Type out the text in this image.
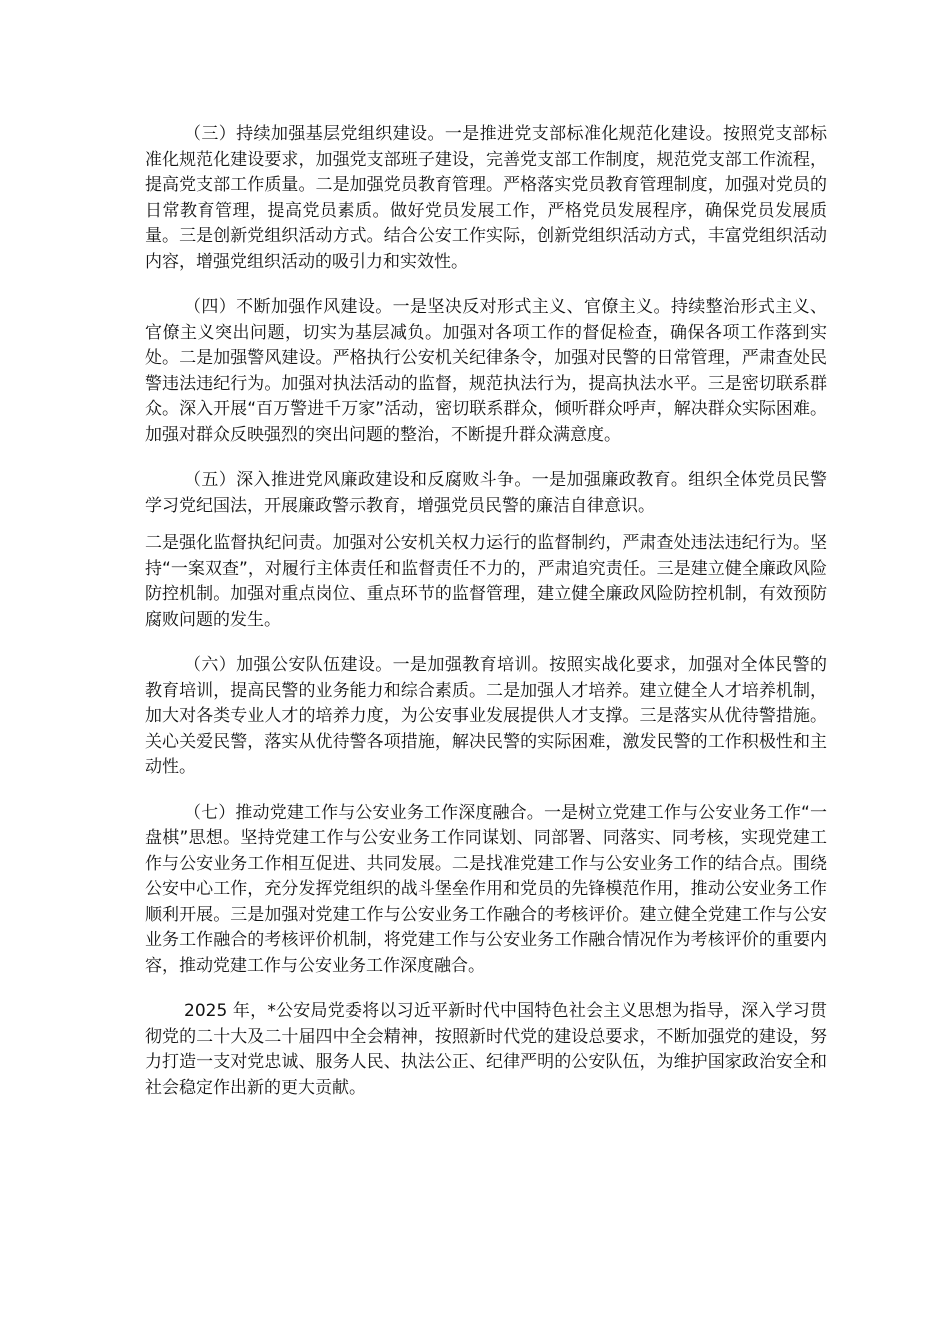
（三）持续加强基层党组织建设。一是推进党支部标准化规范化建设。按照党支部标准化规范化建设要求，加强党支部班子建设，完善党支部工作制度，规范党支部工作流程，提高党支部工作质量。二是加强党员教育管理。严格落实党员教育管理制度，加强对党员的日常教育管理，提高党员素质。做好党员发展工作，严格党员发展程序，确保党员发展质量。三是创新党组织活动方式。结合公安工作实际，创新党组织活动方式，丰富党组织活动内容，增强党组织活动的吸引力和实效性。

（四）不断加强作风建设。一是坚决反对形式主义、官僚主义。持续整治形式主义、官僚主义突出问题，切实为基层减负。加强对各项工作的督促检查，确保各项工作落到实处。二是加强警风建设。严格执行公安机关纪律条令，加强对民警的日常管理，严肃查处民警违法违纪行为。加强对执法活动的监督，规范执法行为，提高执法水平。三是密切联系群众。深入开展“百万警进千万家”活动，密切联系群众，倾听群众呼声，解决群众实际困难。加强对群众反映强烈的突出问题的整治，不断提升群众满意度。

（五）深入推进党风廉政建设和反腐败斗争。一是加强廉政教育。组织全体党员民警学习党纪国法，开展廉政警示教育，增强党员民警的廉洁自律意识。

二是强化监督执纪问责。加强对公安机关权力运行的监督制约，严肃查处违法违纪行为。坚持“一案双查”，对履行主体责任和监督责任不力的，严肃追究责任。三是建立健全廉政风险防控机制。加强对重点岗位、重点环节的监督管理，建立健全廉政风险防控机制，有效预防腐败问题的发生。

（六）加强公安队伍建设。一是加强教育培训。按照实战化要求，加强对全体民警的教育培训，提高民警的业务能力和综合素质。二是加强人才培养。建立健全人才培养机制，加大对各类专业人才的培养力度，为公安事业发展提供人才支撑。三是落实从优待警措施。关心关爱民警，落实从优待警各项措施，解决民警的实际困难，激发民警的工作积极性和主动性。

（七）推动党建工作与公安业务工作深度融合。一是树立党建工作与公安业务工作“一盘棋”思想。坚持党建工作与公安业务工作同谋划、同部署、同落实、同考核，实现党建工作与公安业务工作相互促进、共同发展。二是找准党建工作与公安业务工作的结合点。围绕公安中心工作，充分发挥党组织的战斗堡垒作用和党员的先锋模范作用，推动公安业务工作顺利开展。三是加强对党建工作与公安业务工作融合的考核评价。建立健全党建工作与公安业务工作融合的考核评价机制，将党建工作与公安业务工作融合情况作为考核评价的重要内容，推动党建工作与公安业务工作深度融合。

2025 年，*公安局党委将以习近平新时代中国特色社会主义思想为指导，深入学习贯彻党的二十大及二十届四中全会精神，按照新时代党的建设总要求，不断加强党的建设，努力打造一支对党忠诚、服务人民、执法公正、纪律严明的公安队伍，为维护国家政治安全和社会稳定作出新的更大贡献。
